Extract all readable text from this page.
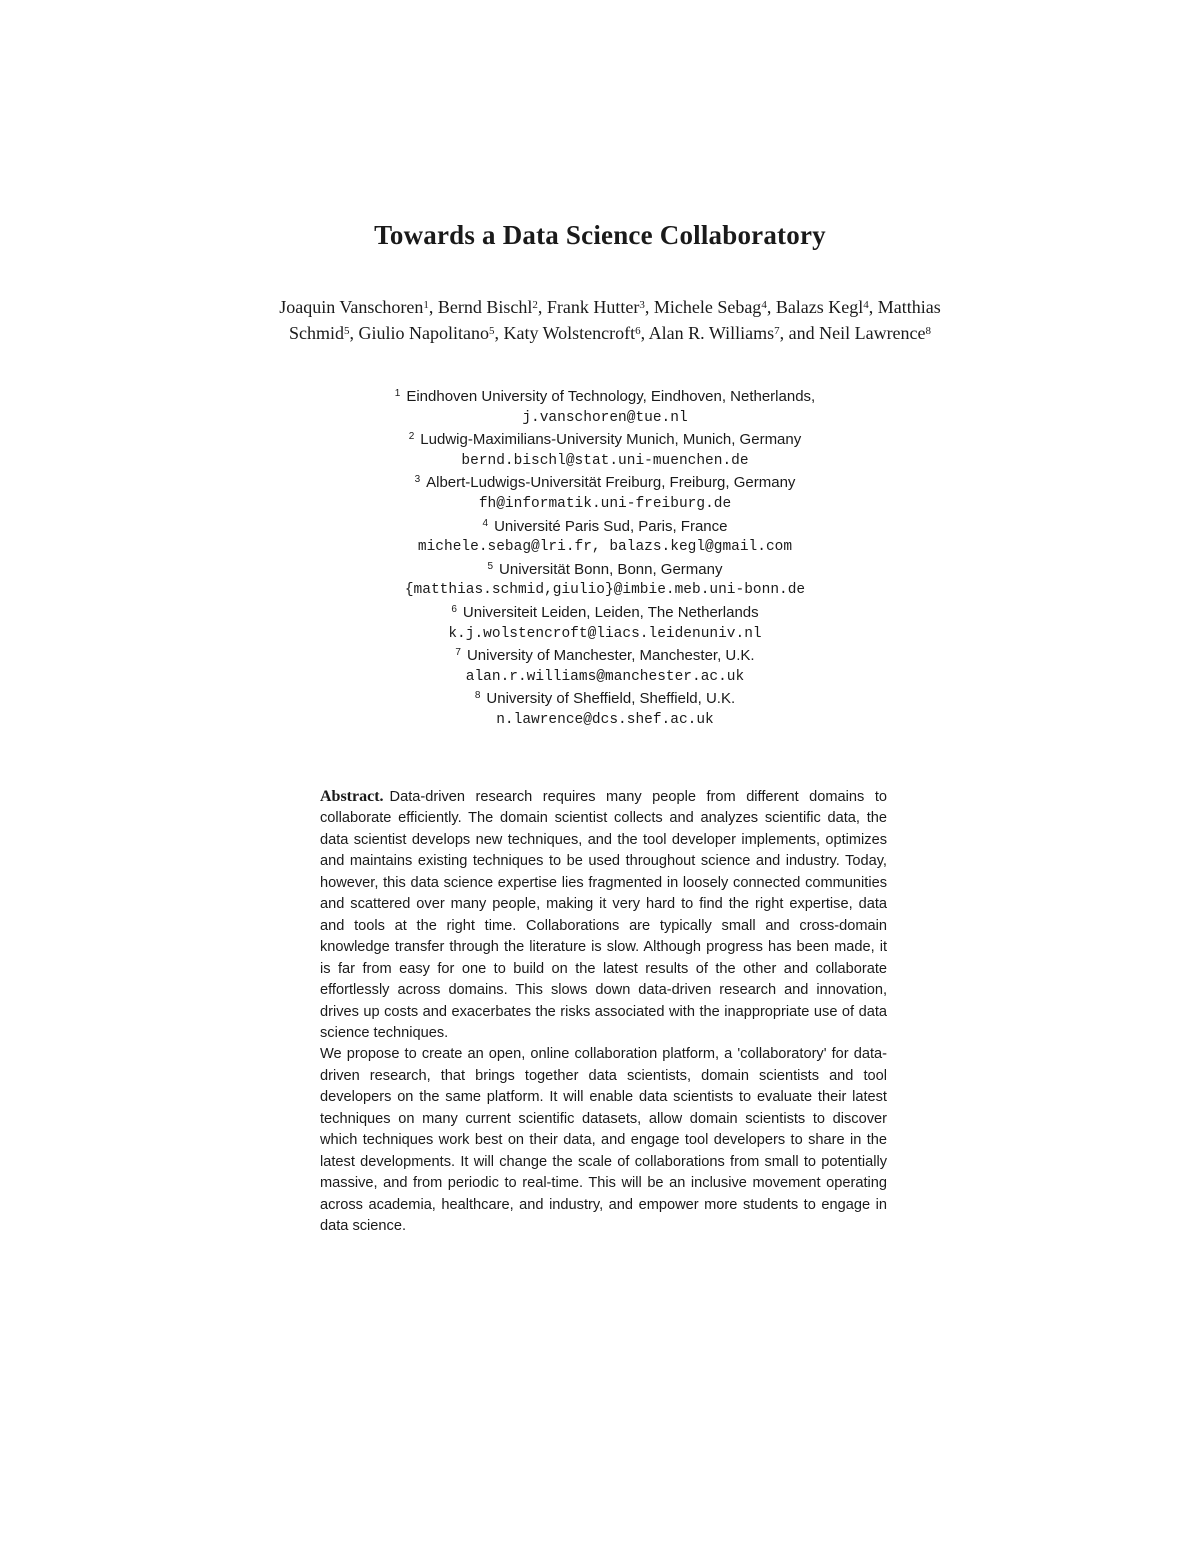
Towards a Data Science Collaboratory
Joaquin Vanschoren$^1$, Bernd Bischl$^2$, Frank Hutter$^3$, Michele Sebag$^4$, Balazs Kegl$^4$, Matthias Schmid$^5$, Giulio Napolitano$^5$, Katy Wolstencroft$^6$, Alan R. Williams$^7$, and Neil Lawrence$^8$
$^1$ Eindhoven University of Technology, Eindhoven, Netherlands,
j.vanschoren@tue.nl
$^2$ Ludwig-Maximilians-University Munich, Munich, Germany
bernd.bischl@stat.uni-muenchen.de
$^3$ Albert-Ludwigs-Universität Freiburg, Freiburg, Germany
fh@informatik.uni-freiburg.de
$^4$ Université Paris Sud, Paris, France
michele.sebag@lri.fr, balazs.kegl@gmail.com
$^5$ Universität Bonn, Bonn, Germany
{matthias.schmid,giulio}@imbie.meb.uni-bonn.de
$^6$ Universiteit Leiden, Leiden, The Netherlands
k.j.wolstencroft@liacs.leidenuniv.nl
$^7$ University of Manchester, Manchester, U.K.
alan.r.williams@manchester.ac.uk
$^8$ University of Sheffield, Sheffield, U.K.
n.lawrence@dcs.shef.ac.uk

Abstract. Data-driven research requires many people from different domains to collaborate efficiently. The domain scientist collects and analyzes scientific data, the data scientist develops new techniques, and the tool developer implements, optimizes and maintains existing techniques to be used throughout science and industry. Today, however, this data science expertise lies fragmented in loosely connected communities and scattered over many people, making it very hard to find the right expertise, data and tools at the right time. Collaborations are typically small and cross-domain knowledge transfer through the literature is slow. Although progress has been made, it is far from easy for one to build on the latest results of the other and collaborate effortlessly across domains. This slows down data-driven research and innovation, drives up costs and exacerbates the risks associated with the inappropriate use of data science techniques.

We propose to create an open, online collaboration platform, a 'collaboratory' for data-driven research, that brings together data scientists, domain scientists and tool developers on the same platform. It will enable data scientists to evaluate their latest techniques on many current scientific datasets, allow domain scientists to discover which techniques work best on their data, and engage tool developers to share in the latest developments. It will change the scale of collaborations from small to potentially massive, and from periodic to real-time. This will be an inclusive movement operating across academia, healthcare, and industry, and empower more students to engage in data science.
